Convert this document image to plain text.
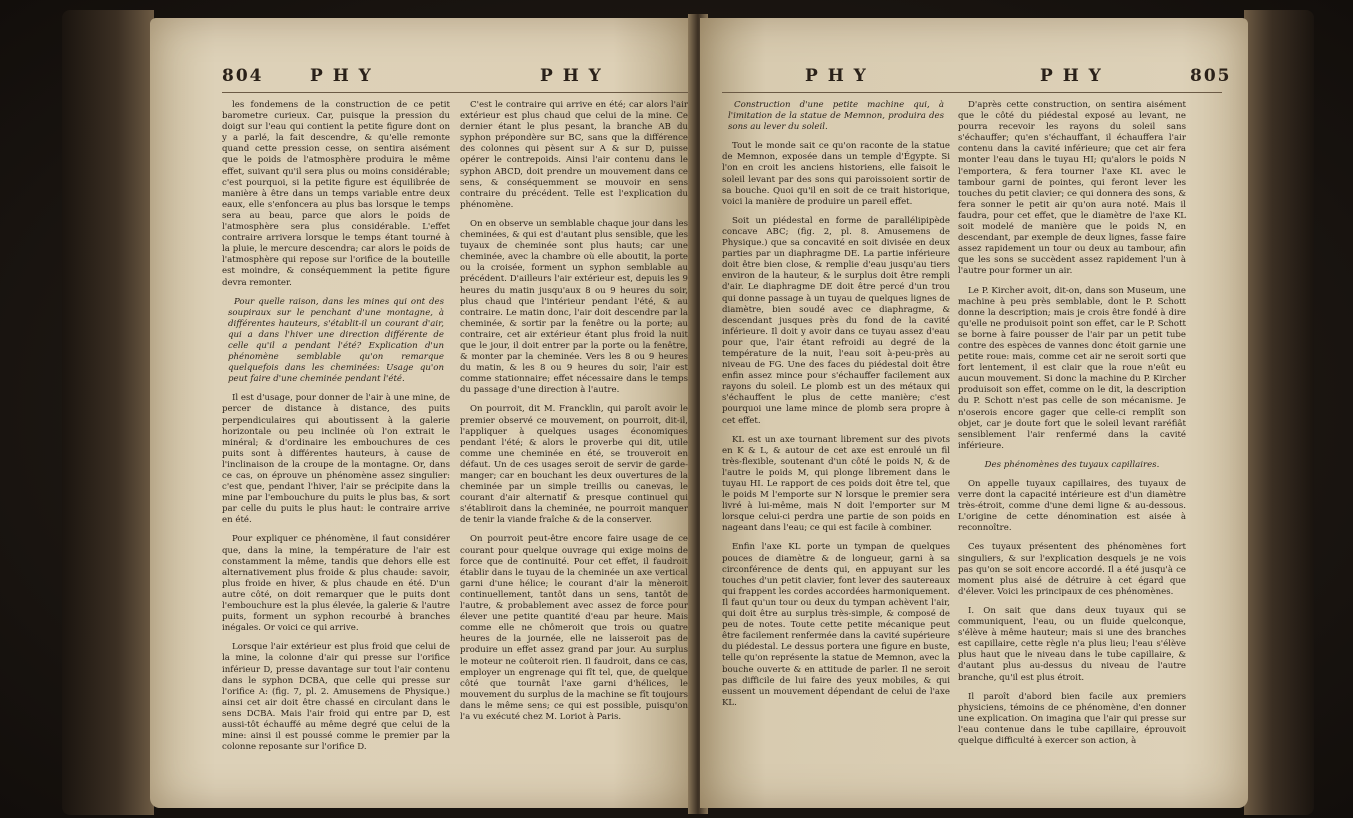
804	P H Y	P H Y

les fondemens de la construction de ce petit barometre curieux. Car, puisque la pression du doigt sur l'eau qui contient la petite figure dont on y a parlé, la fait descendre, & qu'elle remonte quand cette pression cesse, on sentira aisément que le poids de l'atmosphère produira le même effet, suivant qu'il sera plus ou moins considérable; c'est pourquoi, si la petite figure est équilibrée de manière à être dans un temps variable entre deux eaux, elle s'enfoncera au plus bas lorsque le temps sera au beau, parce que alors le poids de l'atmosphère sera plus considérable. L'effet contraire arrivera lorsque le temps étant tourné à la pluie, le mercure descendra; car alors le poids de l'atmosphère qui repose sur l'orifice de la bouteille est moindre, & conséquemment la petite figure devra remonter.

Pour quelle raison, dans les mines qui ont des soupiraux sur le penchant d'une montagne, à différentes hauteurs, s'établit-il un courant d'air, qui a dans l'hiver une direction différente de celle qu'il a pendant l'été? Explication d'un phénomène semblable qu'on remarque quelquefois dans les cheminées: Usage qu'on peut faire d'une cheminée pendant l'été.

Il est d'usage, pour donner de l'air à une mine, de percer de distance à distance, des puits perpendiculaires qui aboutissent à la galerie horizontale ou peu inclinée où l'on extrait le minéral; & d'ordinaire les embouchures de ces puits sont à différentes hauteurs, à cause de l'inclinaison de la croupe de la montagne. Or, dans ce cas, on éprouve un phénomène assez singulier: c'est que, pendant l'hiver, l'air se précipite dans la mine par l'embouchure du puits le plus bas, & sort par celle du puits le plus haut: le contraire arrive en été.

Pour expliquer ce phénomène, il faut considérer que, dans la mine, la température de l'air est constamment la même, tandis que dehors elle est alternativement plus froide & plus chaude: savoir, plus froide en hiver, & plus chaude en été. D'un autre côté, on doit remarquer que le puits dont l'embouchure est la plus élevée, la galerie & l'autre puits, forment un syphon recourbé à branches inégales. Or voici ce qui arrive.

Lorsque l'air extérieur est plus froid que celui de la mine, la colonne d'air qui presse sur l'orifice inférieur D, presse davantage sur tout l'air contenu dans le syphon DCBA, que celle qui presse sur l'orifice A: (fig. 7, pl. 2. Amusemens de Physique.) ainsi cet air doit être chassé en circulant dans le sens DCBA. Mais l'air froid qui entre par D, est aussi-tôt échauffé au même degré que celui de la mine: ainsi il est poussé comme le premier par la colonne reposante sur l'orifice D.

C'est le contraire qui arrive en été; car alors l'air extérieur est plus chaud que celui de la mine. Ce dernier étant le plus pesant, la branche AB du syphon prépondère sur BC, sans que la différence des colonnes qui pèsent sur A & sur D, puisse opérer le contrepoids. Ainsi l'air contenu dans le syphon ABCD, doit prendre un mouvement dans ce sens, & conséquemment se mouvoir en sens contraire du précédent. Telle est l'explication du phénomène.

On en observe un semblable chaque jour dans les cheminées, & qui est d'autant plus sensible, que les tuyaux de cheminée sont plus hauts; car une cheminée, avec la chambre où elle aboutit, la porte ou la croisée, forment un syphon semblable au précédent. D'ailleurs l'air extérieur est, depuis les 9 heures du matin jusqu'aux 8 ou 9 heures du soir, plus chaud que l'intérieur pendant l'été, & au contraire. Le matin donc, l'air doit descendre par la cheminée, & sortir par la fenêtre ou la porte; au contraire, cet air extérieur étant plus froid la nuit que le jour, il doit entrer par la porte ou la fenêtre, & monter par la cheminée. Vers les 8 ou 9 heures du matin, & les 8 ou 9 heures du soir, l'air est comme stationnaire; effet nécessaire dans le temps du passage d'une direction à l'autre.

On pourroit, dit M. Francklin, qui paroît avoir le premier observé ce mouvement, on pourroit, dit-il, l'appliquer à quelques usages économiques pendant l'été; & alors le proverbe qui dit, utile comme une cheminée en été, se trouveroit en défaut. Un de ces usages seroit de servir de garde-manger; car en bouchant les deux ouvertures de la cheminée par un simple treillis ou canevas, le courant d'air alternatif & presque continuel qui s'établiroit dans la cheminée, ne pourroit manquer de tenir la viande fraîche & de la conserver.

On pourroit peut-être encore faire usage de ce courant pour quelque ouvrage qui exige moins de force que de continuité. Pour cet effet, il faudroit établir dans le tuyau de la cheminée un axe vertical garni d'une hélice; le courant d'air la mèneroit continuellement, tantôt dans un sens, tantôt de l'autre, & probablement avec assez de force pour élever une petite quantité d'eau par heure. Mais comme elle ne chômeroit que trois ou quatre heures de la journée, elle ne laisseroit pas de produire un effet assez grand par jour. Au surplus le moteur ne coûteroit rien. Il faudroit, dans ce cas, employer un engrenage qui fît tel, que, de quelque côté que tournât l'axe garni d'hélices, le mouvement du surplus de la machine se fît toujours dans le même sens; ce qui est possible, puisqu'on l'a vu exécuté chez M. Loriot à Paris.

P H Y	P H Y	805

Construction d'une petite machine qui, à l'imitation de la statue de Memnon, produira des sons au lever du soleil.

Tout le monde sait ce qu'on raconte de la statue de Memnon, exposée dans un temple d'Égypte. Si l'on en croit les anciens historiens, elle faisoit le soleil levant par des sons qui paroissoient sortir de sa bouche. Quoi qu'il en soit de ce trait historique, voici la manière de produire un pareil effet.

Soit un piédestal en forme de parallélipipède concave ABC; (fig. 2, pl. 8. Amusemens de Physique.) que sa concavité en soit divisée en deux parties par un diaphragme DE. La partie inférieure doit être bien close, & remplie d'eau jusqu'au tiers environ de la hauteur, & le surplus doit être rempli d'air. Le diaphragme DE doit être percé d'un trou qui donne passage à un tuyau de quelques lignes de diamètre, bien soudé avec ce diaphragme, & descendant jusques près du fond de la cavité inférieure. Il doit y avoir dans ce tuyau assez d'eau pour que, l'air étant refroidi au degré de la température de la nuit, l'eau soit à-peu-près au niveau de FG. Une des faces du piédestal doit être enfin assez mince pour s'échauffer facilement aux rayons du soleil. Le plomb est un des métaux qui s'échauffent le plus de cette manière; c'est pourquoi une lame mince de plomb sera propre à cet effet.

KL est un axe tournant librement sur des pivots en K & L, & autour de cet axe est enroulé un fil très-flexible, soutenant d'un côté le poids N, & de l'autre le poids M, qui plonge librement dans le tuyau HI. Le rapport de ces poids doit être tel, que le poids M l'emporte sur N lorsque le premier sera livré à lui-même, mais N doit l'emporter sur M lorsque celui-ci perdra une partie de son poids en nageant dans l'eau; ce qui est facile à combiner.

Enfin l'axe KL porte un tympan de quelques pouces de diamètre & de longueur, garni à sa circonférence de dents qui, en appuyant sur les touches d'un petit clavier, font lever des sautereaux qui frappent les cordes accordées harmoniquement. Il faut qu'un tour ou deux du tympan achèvent l'air, qui doit être au surplus très-simple, & composé de peu de notes. Toute cette petite mécanique peut être facilement renfermée dans la cavité supérieure du piédestal. Le dessus portera une figure en buste, telle qu'on représente la statue de Memnon, avec la bouche ouverte & en attitude de parler. Il ne seroit pas difficile de lui faire des yeux mobiles, & qui eussent un mouvement dépendant de celui de l'axe KL.

D'après cette construction, on sentira aisément que le côté du piédestal exposé au levant, ne pourra recevoir les rayons du soleil sans s'échauffer; qu'en s'échauffant, il échauffera l'air contenu dans la cavité inférieure; que cet air fera monter l'eau dans le tuyau HI; qu'alors le poids N l'emportera, & fera tourner l'axe KL avec le tambour garni de pointes, qui feront lever les touches du petit clavier; ce qui donnera des sons, & fera sonner le petit air qu'on aura noté. Mais il faudra, pour cet effet, que le diamètre de l'axe KL soit modelé de manière que le poids N, en descendant, par exemple de deux lignes, fasse faire assez rapidement un tour ou deux au tambour, afin que les sons se succèdent assez rapidement l'un à l'autre pour former un air.

Le P. Kircher avoit, dit-on, dans son Museum, une machine à peu près semblable, dont le P. Schott donne la description; mais je crois être fondé à dire qu'elle ne produisoit point son effet, car le P. Schott se borne à faire pousser de l'air par un petit tube contre des espèces de vannes donc étoit garnie une petite roue: mais, comme cet air ne seroit sorti que fort lentement, il est clair que la roue n'eût eu aucun mouvement. Si donc la machine du P. Kircher produisoit son effet, comme on le dit, la description du P. Schott n'est pas celle de son mécanisme. Je n'oserois encore gager que celle-ci remplît son objet, car je doute fort que le soleil levant raréfiât sensiblement l'air renfermé dans la cavité inférieure.

Des phénomènes des tuyaux capillaires.

On appelle tuyaux capillaires, des tuyaux de verre dont la capacité intérieure est d'un diamètre très-étroit, comme d'une demi ligne & au-dessous. L'origine de cette dénomination est aisée à reconnoître.

Ces tuyaux présentent des phénomènes fort singuliers, & sur l'explication desquels je ne vois pas qu'on se soit encore accordé. Il a été jusqu'à ce moment plus aisé de détruire à cet égard que d'élever. Voici les principaux de ces phénomènes.

I. On sait que dans deux tuyaux qui se communiquent, l'eau, ou un fluide quelconque, s'élève à même hauteur; mais si une des branches est capillaire, cette règle n'a plus lieu; l'eau s'élève plus haut que le niveau dans le tube capillaire, & d'autant plus au-dessus du niveau de l'autre branche, qu'il est plus étroit.

Il paroît d'abord bien facile aux premiers physiciens, témoins de ce phénomène, d'en donner une explication. On imagina que l'air qui presse sur l'eau contenue dans le tube capillaire, éprouvoit quelque difficulté à exercer son action, à
